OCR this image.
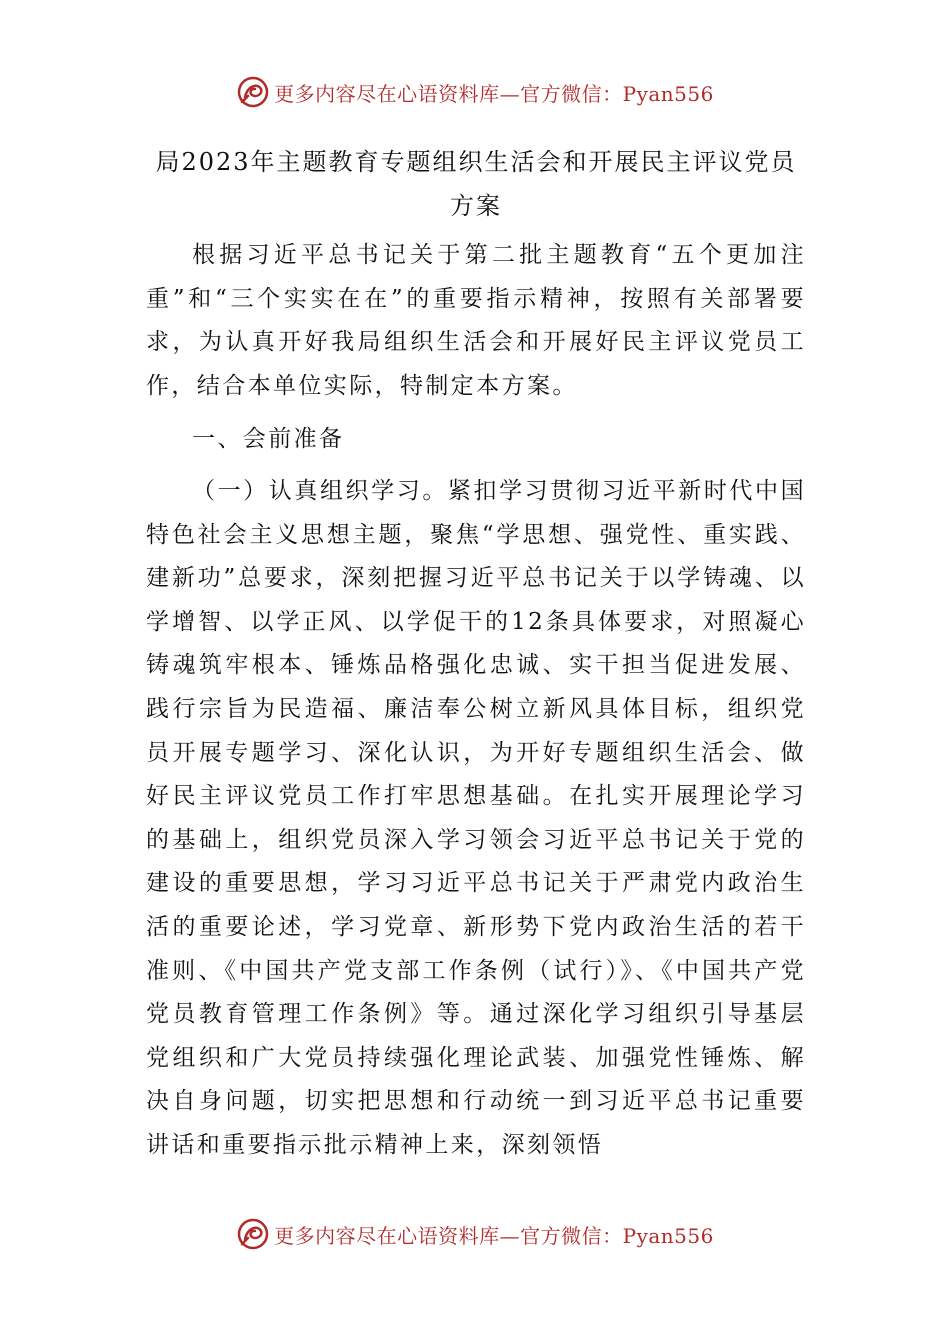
更多内容尽在心语资料库—官方微信：Pyan556
局2023年主题教育专题组织生活会和开展民主评议党员方案

根据习近平总书记关于第二批主题教育“五个更加注重”和“三个实实在在”的重要指示精神，按照有关部署要求，为认真开好我局组织生活会和开展好民主评议党员工作，结合本单位实际，特制定本方案。

一、会前准备

（一）认真组织学习。紧扣学习贯彻习近平新时代中国特色社会主义思想主题，聚焦“学思想、强党性、重实践、建新功”总要求，深刻把握习近平总书记关于以学铸魂、以学增智、以学正风、以学促干的12条具体要求，对照凝心铸魂筑牢根本、锤炼品格强化忠诚、实干担当促进发展、践行宗旨为民造福、廉洁奉公树立新风具体目标，组织党员开展专题学习、深化认识，为开好专题组织生活会、做好民主评议党员工作打牢思想基础。在扎实开展理论学习的基础上，组织党员深入学习领会习近平总书记关于党的建设的重要思想，学习习近平总书记关于严肃党内政治生活的重要论述，学习党章、新形势下党内政治生活的若干准则、《中国共产党支部工作条例（试行）》、《中国共产党党员教育管理工作条例》等。通过深化学习组织引导基层党组织和广大党员持续强化理论武装、加强党性锤炼、解决自身问题，切实把思想和行动统一到习近平总书记重要讲话和重要指示批示精神上来，深刻领悟

更多内容尽在心语资料库—官方微信：Pyan556
